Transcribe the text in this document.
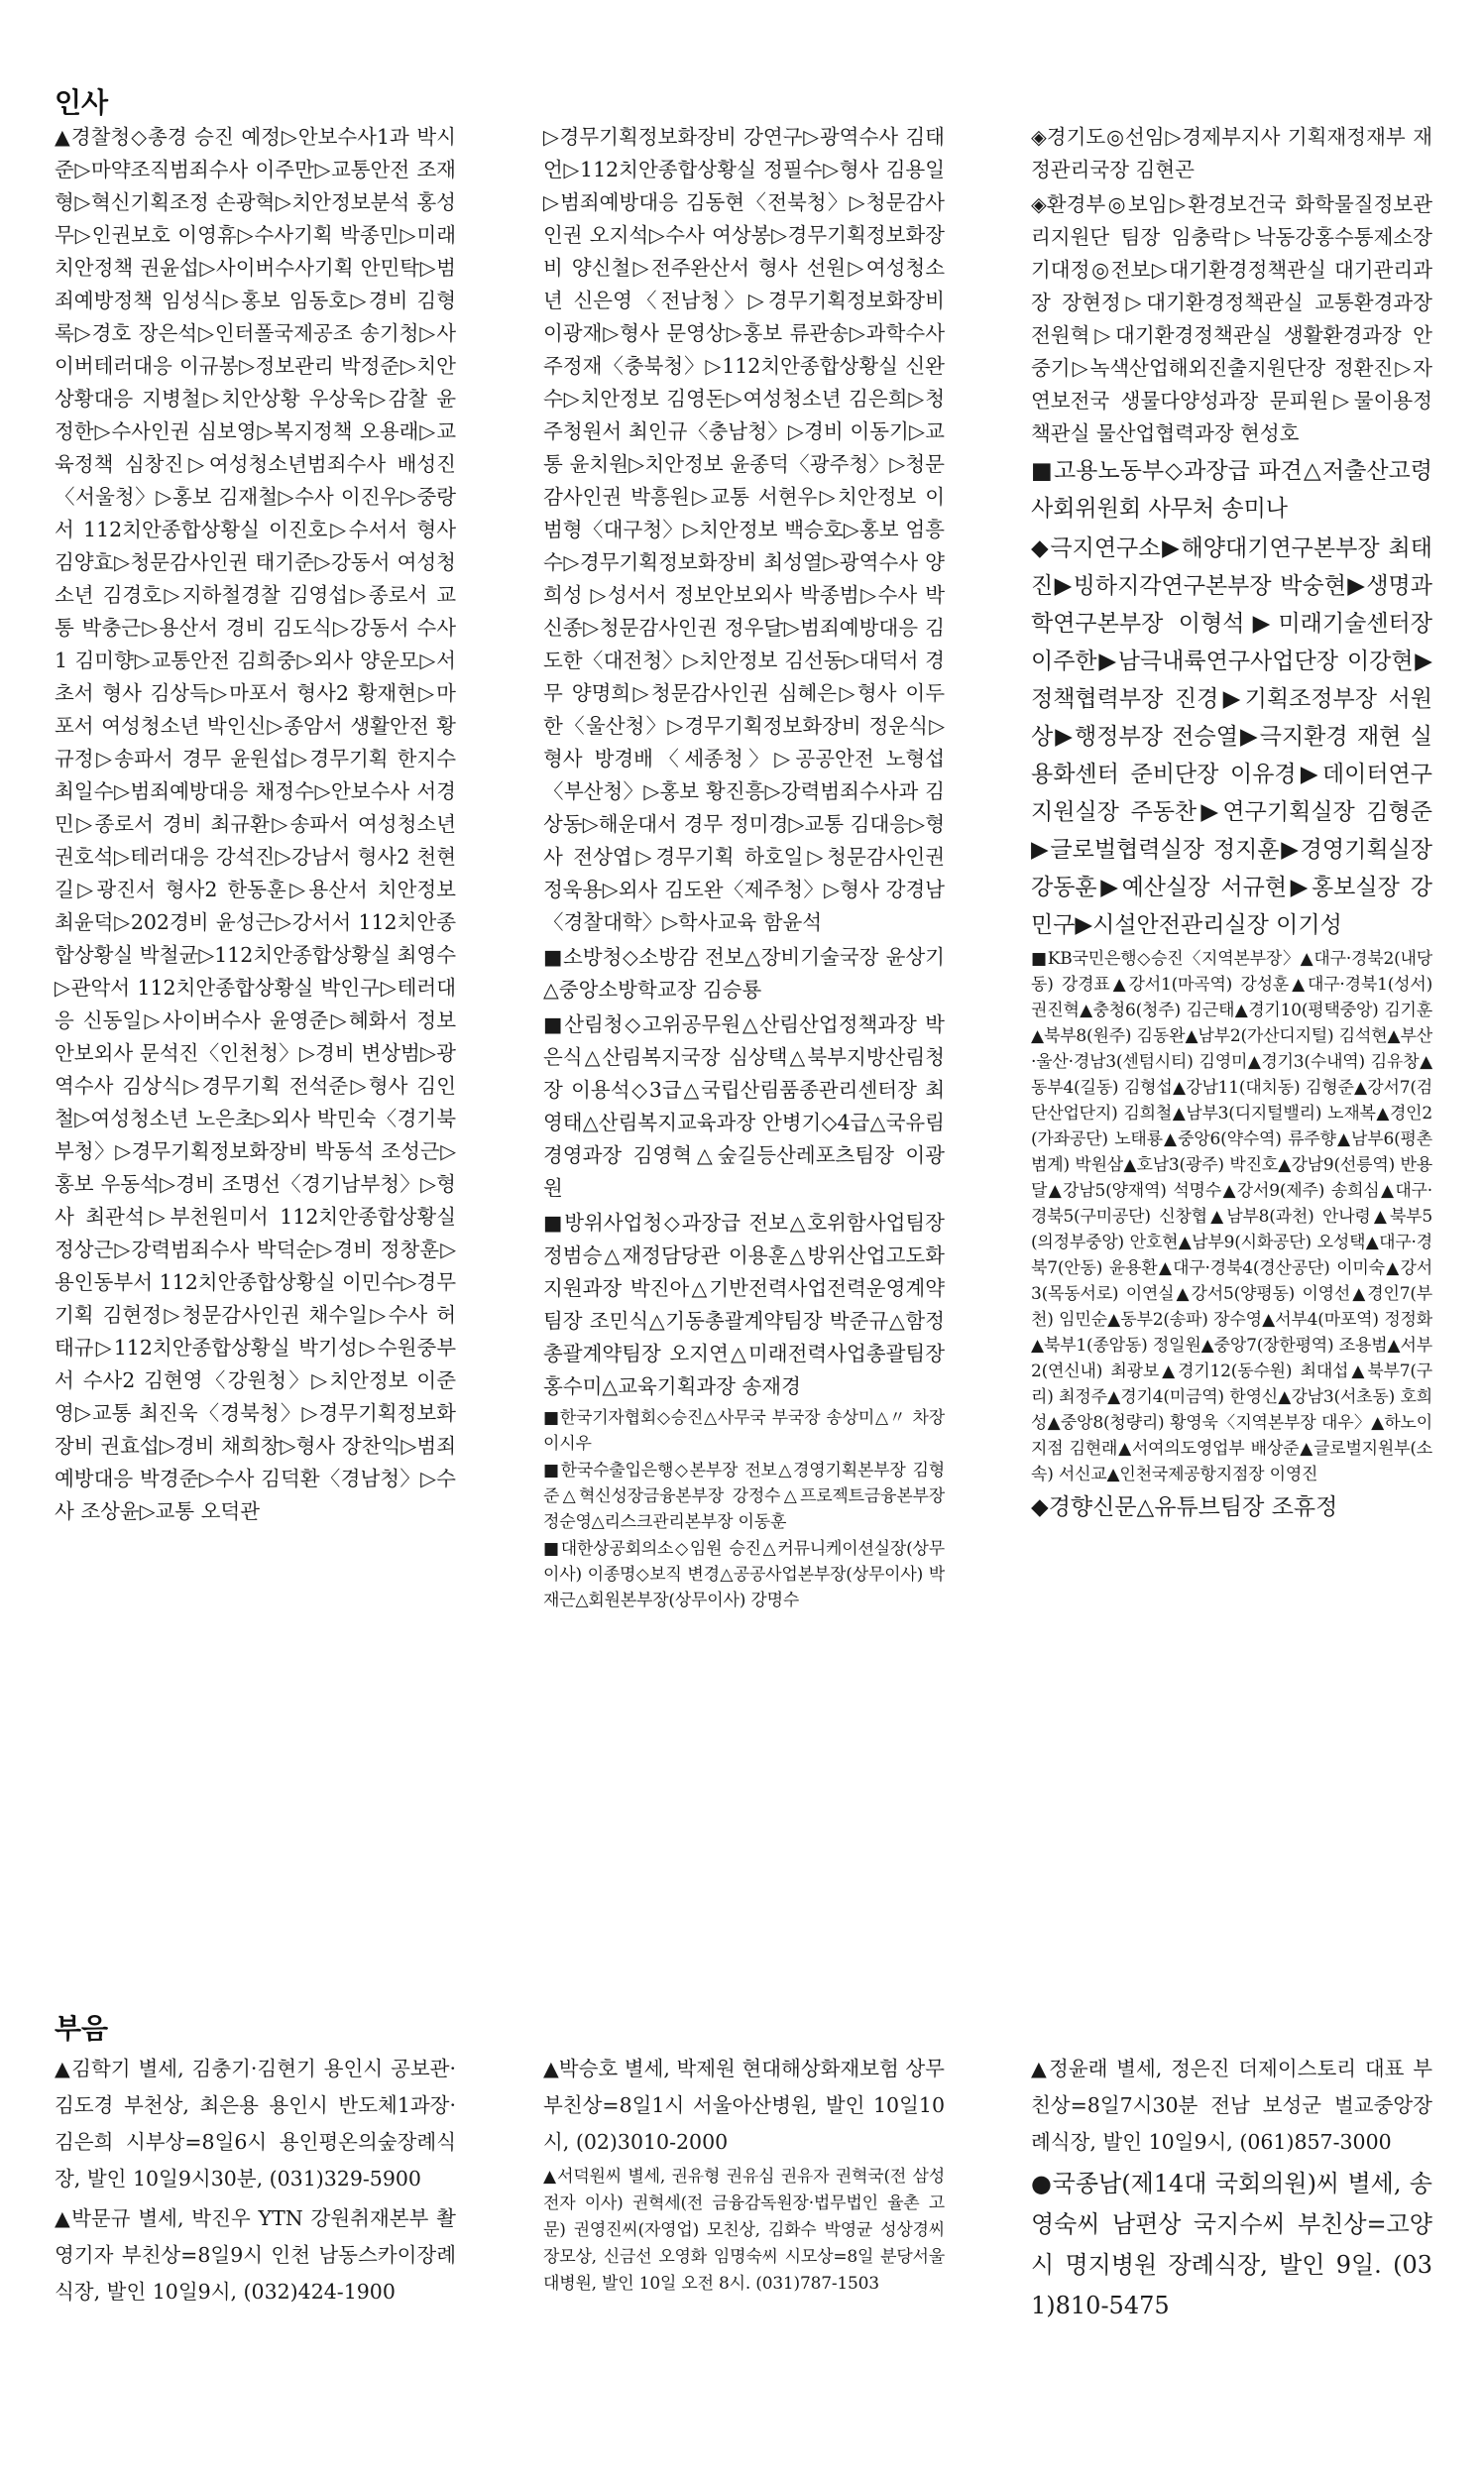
인사

▲경찰청◇총경 승진 예정▷안보수사1과 박시준▷마약조직범죄수사 이주만▷교통안전 조재형▷혁신기획조정 손광혁▷치안정보분석 홍성무▷인권보호 이영휴▷수사기획 박종민▷미래치안정책 권윤섭▷사이버수사기획 안민탁▷범죄예방정책 임성식▷홍보 임동호▷경비 김형록▷경호 장은석▷인터폴국제공조 송기청▷사이버테러대응 이규봉▷정보관리 박정준▷치안상황대응 지병철▷치안상황 우상욱▷감찰 윤정한▷수사인권 심보영▷복지정책 오용래▷교육정책 심창진▷여성청소년범죄수사 배성진〈서울청〉▷홍보 김재철▷수사 이진우▷중랑서 112치안종합상황실 이진호▷수서서 형사 김양효▷청문감사인권 태기준▷강동서 여성청소년 김경호▷지하철경찰 김영섭▷종로서 교통 박충근▷용산서 경비 김도식▷강동서 수사1 김미향▷교통안전 김희중▷외사 양운모▷서초서 형사 김상득▷마포서 형사2 황재현▷마포서 여성청소년 박인신▷종암서 생활안전 황규정▷송파서 경무 윤원섭▷경무기획 한지수 최일수▷범죄예방대응 채정수▷안보수사 서경민▷종로서 경비 최규환▷송파서 여성청소년 권호석▷테러대응 강석진▷강남서 형사2 천현길▷광진서 형사2 한동훈▷용산서 치안정보 최윤덕▷202경비 윤성근▷강서서 112치안종합상황실 박철균▷112치안종합상황실 최영수▷관악서 112치안종합상황실 박인구▷테러대응 신동일▷사이버수사 윤영준▷혜화서 정보안보외사 문석진〈인천청〉▷경비 변상범▷광역수사 김상식▷경무기획 전석준▷형사 김인철▷여성청소년 노은초▷외사 박민숙〈경기북부청〉▷경무기획정보화장비 박동석 조성근▷홍보 우동석▷경비 조명선〈경기남부청〉▷형사 최관석▷부천원미서 112치안종합상황실 정상근▷강력범죄수사 박덕순▷경비 정창훈▷용인동부서 112치안종합상황실 이민수▷경무기획 김현정▷청문감사인권 채수일▷수사 허태규▷112치안종합상황실 박기성▷수원중부서 수사2 김현영〈강원청〉▷치안정보 이준영▷교통 최진욱〈경북청〉▷경무기획정보화장비 권효섭▷경비 채희창▷형사 장찬익▷범죄예방대응 박경준▷수사 김덕환〈경남청〉▷수사 조상윤▷교통 오덕관

▷경무기획정보화장비 강연구▷광역수사 김태언▷112치안종합상황실 정필수▷형사 김용일▷범죄예방대응 김동현〈전북청〉▷청문감사인권 오지석▷수사 여상봉▷경무기획정보화장비 양신철▷전주완산서 형사 선원▷여성청소년 신은영〈전남청〉▷경무기획정보화장비 이광재▷형사 문영상▷홍보 류관송▷과학수사 주정재〈충북청〉▷112치안종합상황실 신완수▷치안정보 김영돈▷여성청소년 김은희▷청주청원서 최인규〈충남청〉▷경비 이동기▷교통 윤치원▷치안정보 윤종덕〈광주청〉▷청문감사인권 박흥원▷교통 서현우▷치안정보 이범형〈대구청〉▷치안정보 백승호▷홍보 엄흥수▷경무기획정보화장비 최성열▷광역수사 양희성 ▷성서서 정보안보외사 박종범▷수사 박신종▷청문감사인권 정우달▷범죄예방대응 김도한〈대전청〉▷치안정보 김선동▷대덕서 경무 양명희▷청문감사인권 심혜은▷형사 이두한〈울산청〉▷경무기획정보화장비 정운식▷형사 방경배〈세종청〉▷공공안전 노형섭〈부산청〉▷홍보 황진흥▷강력범죄수사과 김상동▷해운대서 경무 정미경▷교통 김대응▷형사 전상엽▷경무기획 하호일▷청문감사인권 정욱용▷외사 김도완〈제주청〉▷형사 강경남〈경찰대학〉▷학사교육 함윤석

■소방청◇소방감 전보△장비기술국장 윤상기△중앙소방학교장 김승룡

■산림청◇고위공무원△산림산업정책과장 박은식△산림복지국장 심상택△북부지방산림청장 이용석◇3급△국립산림품종관리센터장 최영태△산림복지교육과장 안병기◇4급△국유림경영과장 김영혁△숲길등산레포츠팀장 이광원

■방위사업청◇과장급 전보△호위함사업팀장 정범승△재정담당관 이용훈△방위산업고도화지원과장 박진아△기반전력사업전력운영계약팀장 조민식△기동총괄계약팀장 박준규△함정총괄계약팀장 오지연△미래전력사업총괄팀장 홍수미△교육기획과장 송재경

■한국기자협회◇승진△사무국 부국장 송상미△〃 차장 이시우

■한국수출입은행◇본부장 전보△경영기획본부장 김형준△혁신성장금융본부장 강정수△프로젝트금융본부장 정순영△리스크관리본부장 이동훈

■대한상공회의소◇임원 승진△커뮤니케이션실장(상무이사) 이종명◇보직 변경△공공사업본부장(상무이사) 박재근△회원본부장(상무이사) 강명수

◈경기도◎선임▷경제부지사 기획재정재부 재정관리국장 김현곤

◈환경부◎보임▷환경보건국 화학물질정보관리지원단 팀장 임충락▷낙동강홍수통제소장 기대정◎전보▷대기환경정책관실 대기관리과장 장현정▷대기환경정책관실 교통환경과장 전원혁▷대기환경정책관실 생활환경과장 안중기▷녹색산업해외진출지원단장 정환진▷자연보전국 생물다양성과장 문피원▷물이용정책관실 물산업협력과장 현성호

■고용노동부◇과장급 파견△저출산고령사회위원회 사무처 송미나

◆극지연구소▶해양대기연구본부장 최태진▶빙하지각연구본부장 박숭현▶생명과학연구본부장 이형석▶미래기술센터장 이주한▶남극내륙연구사업단장 이강현▶정책협력부장 진경▶기획조정부장 서원상▶행정부장 전승열▶극지환경 재현 실용화센터 준비단장 이유경▶데이터연구지원실장 주동찬▶연구기획실장 김형준▶글로벌협력실장 정지훈▶경영기획실장 강동훈▶예산실장 서규현▶홍보실장 강민구▶시설안전관리실장 이기성

■KB국민은행◇승진〈지역본부장〉▲대구·경북2(내당동) 강경표▲강서1(마곡역) 강성훈▲대구·경북1(성서) 권진혁▲충청6(청주) 김근태▲경기10(평택중앙) 김기훈▲북부8(원주) 김동완▲남부2(가산디지털) 김석현▲부산·울산·경남3(센텀시티) 김영미▲경기3(수내역) 김유창▲동부4(길동) 김형섭▲강남11(대치동) 김형준▲강서7(검단산업단지) 김희철▲남부3(디지털밸리) 노재복▲경인2(가좌공단) 노태룡▲중앙6(약수역) 류주향▲남부6(평촌범계) 박원삼▲호남3(광주) 박진호▲강남9(선릉역) 반용달▲강남5(양재역) 석명수▲강서9(제주) 송희심▲대구·경북5(구미공단) 신창협▲남부8(과천) 안나령▲북부5(의정부중앙) 안호현▲남부9(시화공단) 오성택▲대구·경북7(안동) 윤용환▲대구·경북4(경산공단) 이미숙▲강서3(목동서로) 이연실▲강서5(양평동) 이영선▲경인7(부천) 임민순▲동부2(송파) 장수영▲서부4(마포역) 정정화▲북부1(종암동) 정일원▲중앙7(장한평역) 조용범▲서부2(연신내) 최광보▲경기12(동수원) 최대섭▲북부7(구리) 최정주▲경기4(미금역) 한영신▲강남3(서초동) 호희성▲중앙8(청량리) 황영욱〈지역본부장 대우〉▲하노이지점 김현래▲서여의도영업부 배상준▲글로벌지원부(소속) 서신교▲인천국제공항지점장 이영진

◆경향신문△유튜브팀장 조휴정

부음

▲김학기 별세, 김충기·김현기 용인시 공보관·김도경 부천상, 최은용 용인시 반도체1과장·김은희 시부상=8일6시 용인평온의숲장례식장, 발인 10일9시30분, (031)329-5900

▲박문규 별세, 박진우 YTN 강원취재본부 촬영기자 부친상=8일9시 인천 남동스카이장례식장, 발인 10일9시, (032)424-1900

▲박승호 별세, 박제원 현대해상화재보험 상무 부친상=8일1시 서울아산병원, 발인 10일10시, (02)3010-2000

▲서덕원씨 별세, 권유형 권유심 권유자 권혁국(전 삼성전자 이사) 권혁세(전 금융감독원장·법무법인 율촌 고문) 권영진씨(자영업) 모친상, 김화수 박영균 성상경씨 장모상, 신금선 오영화 임명숙씨 시모상=8일 분당서울대병원, 발인 10일 오전 8시. (031)787-1503

▲정윤래 별세, 정은진 더제이스토리 대표 부친상=8일7시30분 전남 보성군 벌교중앙장례식장, 발인 10일9시, (061)857-3000

●국종남(제14대 국회의원)씨 별세, 송영숙씨 남편상 국지수씨 부친상=고양시 명지병원 장례식장, 발인 9일. (031)810-5475
